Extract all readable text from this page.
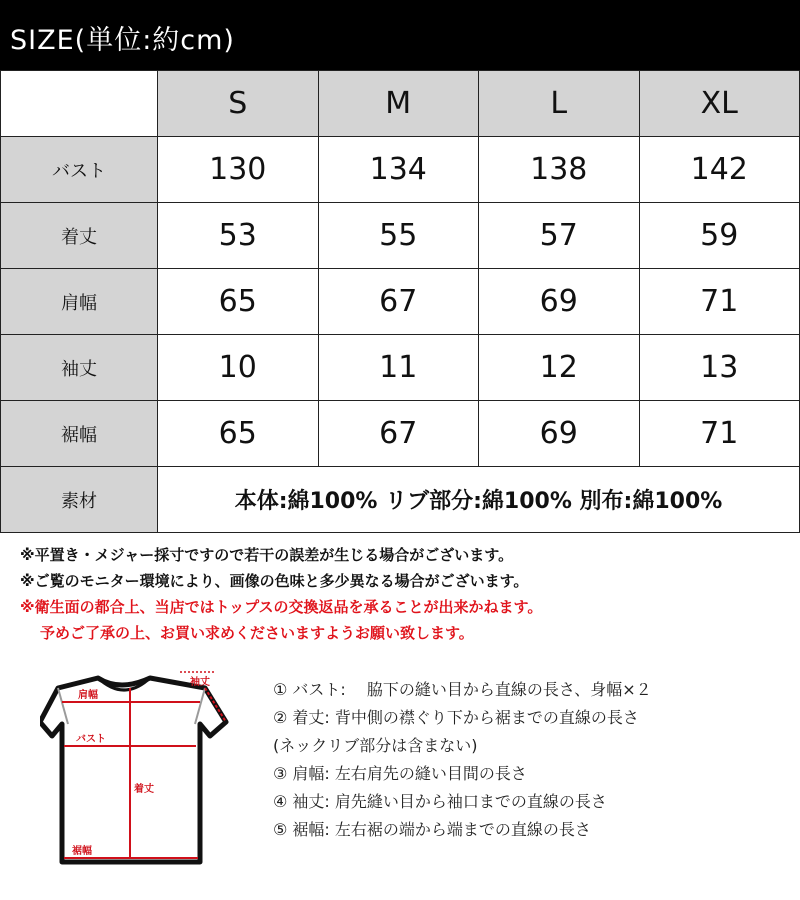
SIZE(単位:約cm)
	S	M	L	XL
バスト	130	134	138	142
着丈	53	55	57	59
肩幅	65	67	69	71
袖丈	10	11	12	13
裾幅	65	67	69	71
素材	本体:綿100% リブ部分:綿100% 別布:綿100%			
※平置き・メジャー採寸ですので若干の誤差が生じる場合がございます。
※ご覧のモニター環境により、画像の色味と多少異なる場合がございます。
※衛生面の都合上、当店ではトップスの交換返品を承ることが出来かねます。
予めご了承の上、お買い求めくださいますようお願い致します。
袖丈
肩幅
バスト
着丈
裾幅
① バスト:　 脇下の縫い目から直線の長さ、身幅×２
② 着丈: 背中側の襟ぐり下から裾までの直線の長さ
(ネックリブ部分は含まない)
③ 肩幅: 左右肩先の縫い目間の長さ
④ 袖丈: 肩先縫い目から袖口までの直線の長さ
⑤ 裾幅: 左右裾の端から端までの直線の長さ
